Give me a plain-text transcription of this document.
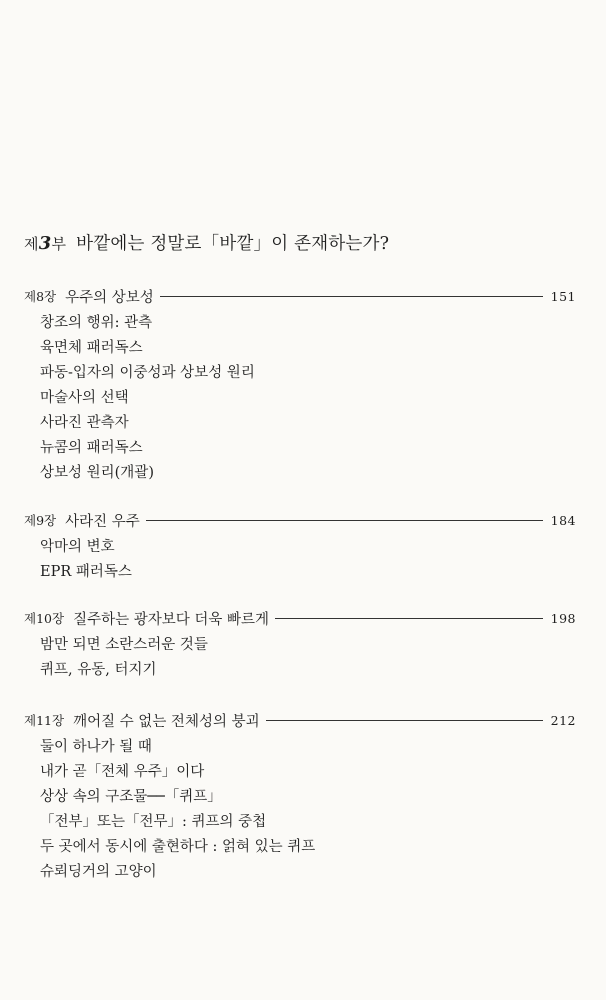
제3부 바깥에는 정말로「바깥」이 존재하는가?
제8장 우주의 상보성	151
창조의 행위: 관측
육면체 패러독스
파동-입자의 이중성과 상보성 원리
마술사의 선택
사라진 관측자
뉴콤의 패러독스
상보성 원리(개괄)
제9장 사라진 우주	184
악마의 변호
EPR 패러독스
제10장 질주하는 광자보다 더욱 빠르게	198
밤만 되면 소란스러운 것들
퀴프, 유동, 터지기
제11장 깨어질 수 없는 전체성의 붕괴	212
둘이 하나가 될 때
내가 곧「전체 우주」이다
상상 속의 구조물──「퀴프」
「전부」또는「전무」: 퀴프의 중첩
두 곳에서 동시에 출현하다 : 얽혀 있는 퀴프
슈뢰딩거의 고양이
